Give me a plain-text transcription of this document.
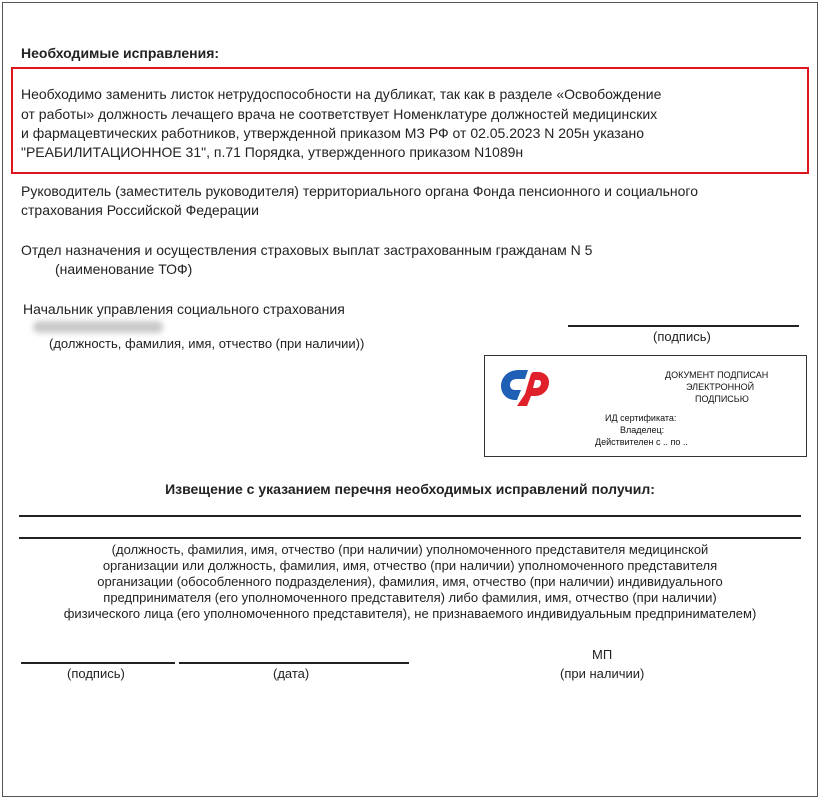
Необходимые исправления:
Необходимо заменить листок нетрудоспособности на дубликат, так как в разделе «Освобождение
от работы» должность лечащего врача не соответствует Номенклатуре должностей медицинских
и фармацевтических работников, утвержденной приказом МЗ РФ от 02.05.2023 N 205н указано
"РЕАБИЛИТАЦИОННОЕ 31", п.71 Порядка, утвержденного приказом N1089н
Руководитель (заместитель руководителя) территориального органа Фонда пенсионного и социального
страхования Российской Федерации
Отдел назначения и осуществления страховых выплат застрахованным гражданам N 5
(наименование ТОФ)
Начальник управления социального страхования
(должность, фамилия, имя, отчество (при наличии))	(подпись)
ДОКУМЕНТ ПОДПИСАН
ЭЛЕКТРОННОЙ
ПОДПИСЬЮ
ИД сертификата:
Владелец:
Действителен с .. по ..
Извещение с указанием перечня необходимых исправлений получил:
(должность, фамилия, имя, отчество (при наличии) уполномоченного представителя медицинской
организации или должность, фамилия, имя, отчество (при наличии) уполномоченного представителя
организации (обособленного подразделения), фамилия, имя, отчество (при наличии) индивидуального
предпринимателя (его уполномоченного представителя) либо фамилия, имя, отчество (при наличии)
физического лица (его уполномоченного представителя), не признаваемого индивидуальным предпринимателем)
(подпись)	(дата)
МП
(при наличии)
